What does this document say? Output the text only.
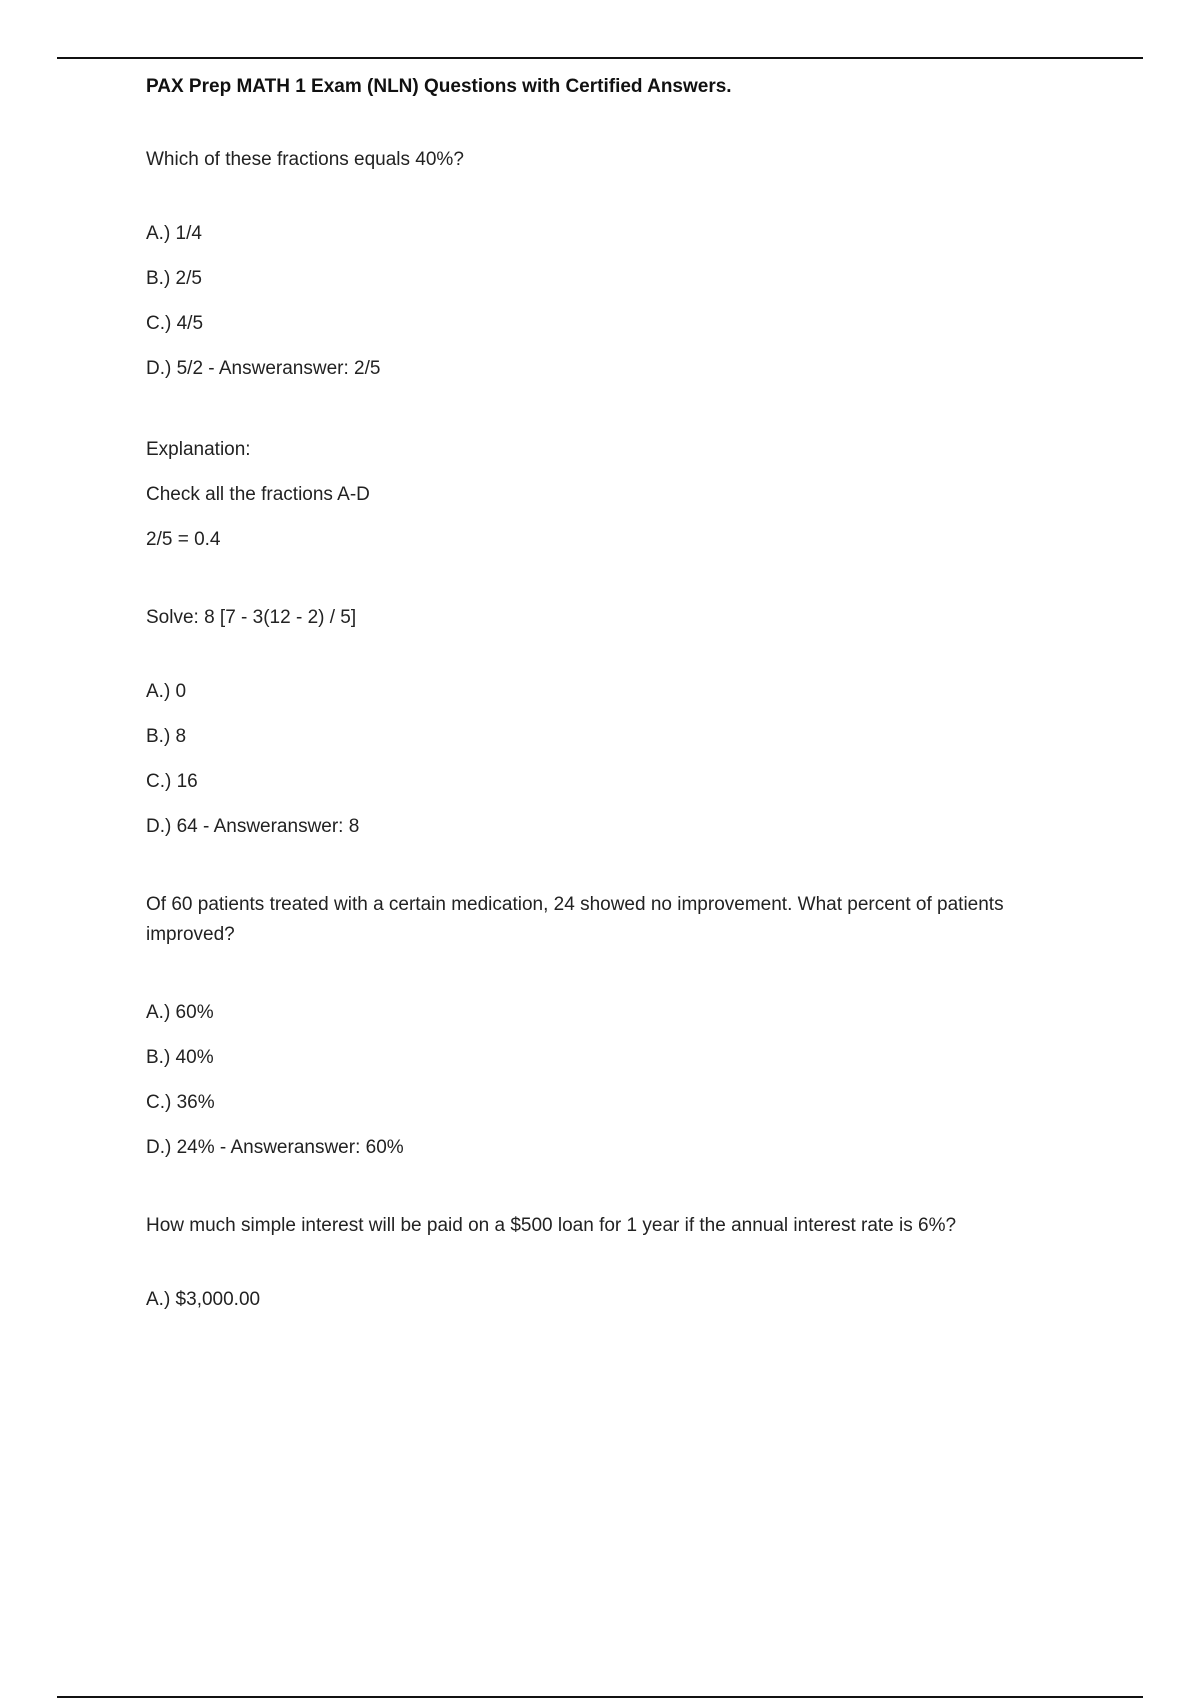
PAX Prep MATH 1 Exam (NLN) Questions with Certified Answers.

Which of these fractions equals 40%?

A.) 1/4

B.) 2/5

C.) 4/5

D.) 5/2 - Answeranswer: 2/5

Explanation:

Check all the fractions A-D

2/5 = 0.4

Solve: 8 [7 - 3(12 - 2) / 5]

A.) 0

B.) 8

C.) 16

D.) 64 - Answeranswer: 8

Of 60 patients treated with a certain medication, 24 showed no improvement. What percent of patients improved?

A.) 60%

B.) 40%

C.) 36%

D.) 24% - Answeranswer: 60%

How much simple interest will be paid on a $500 loan for 1 year if the annual interest rate is 6%?

A.) $3,000.00
